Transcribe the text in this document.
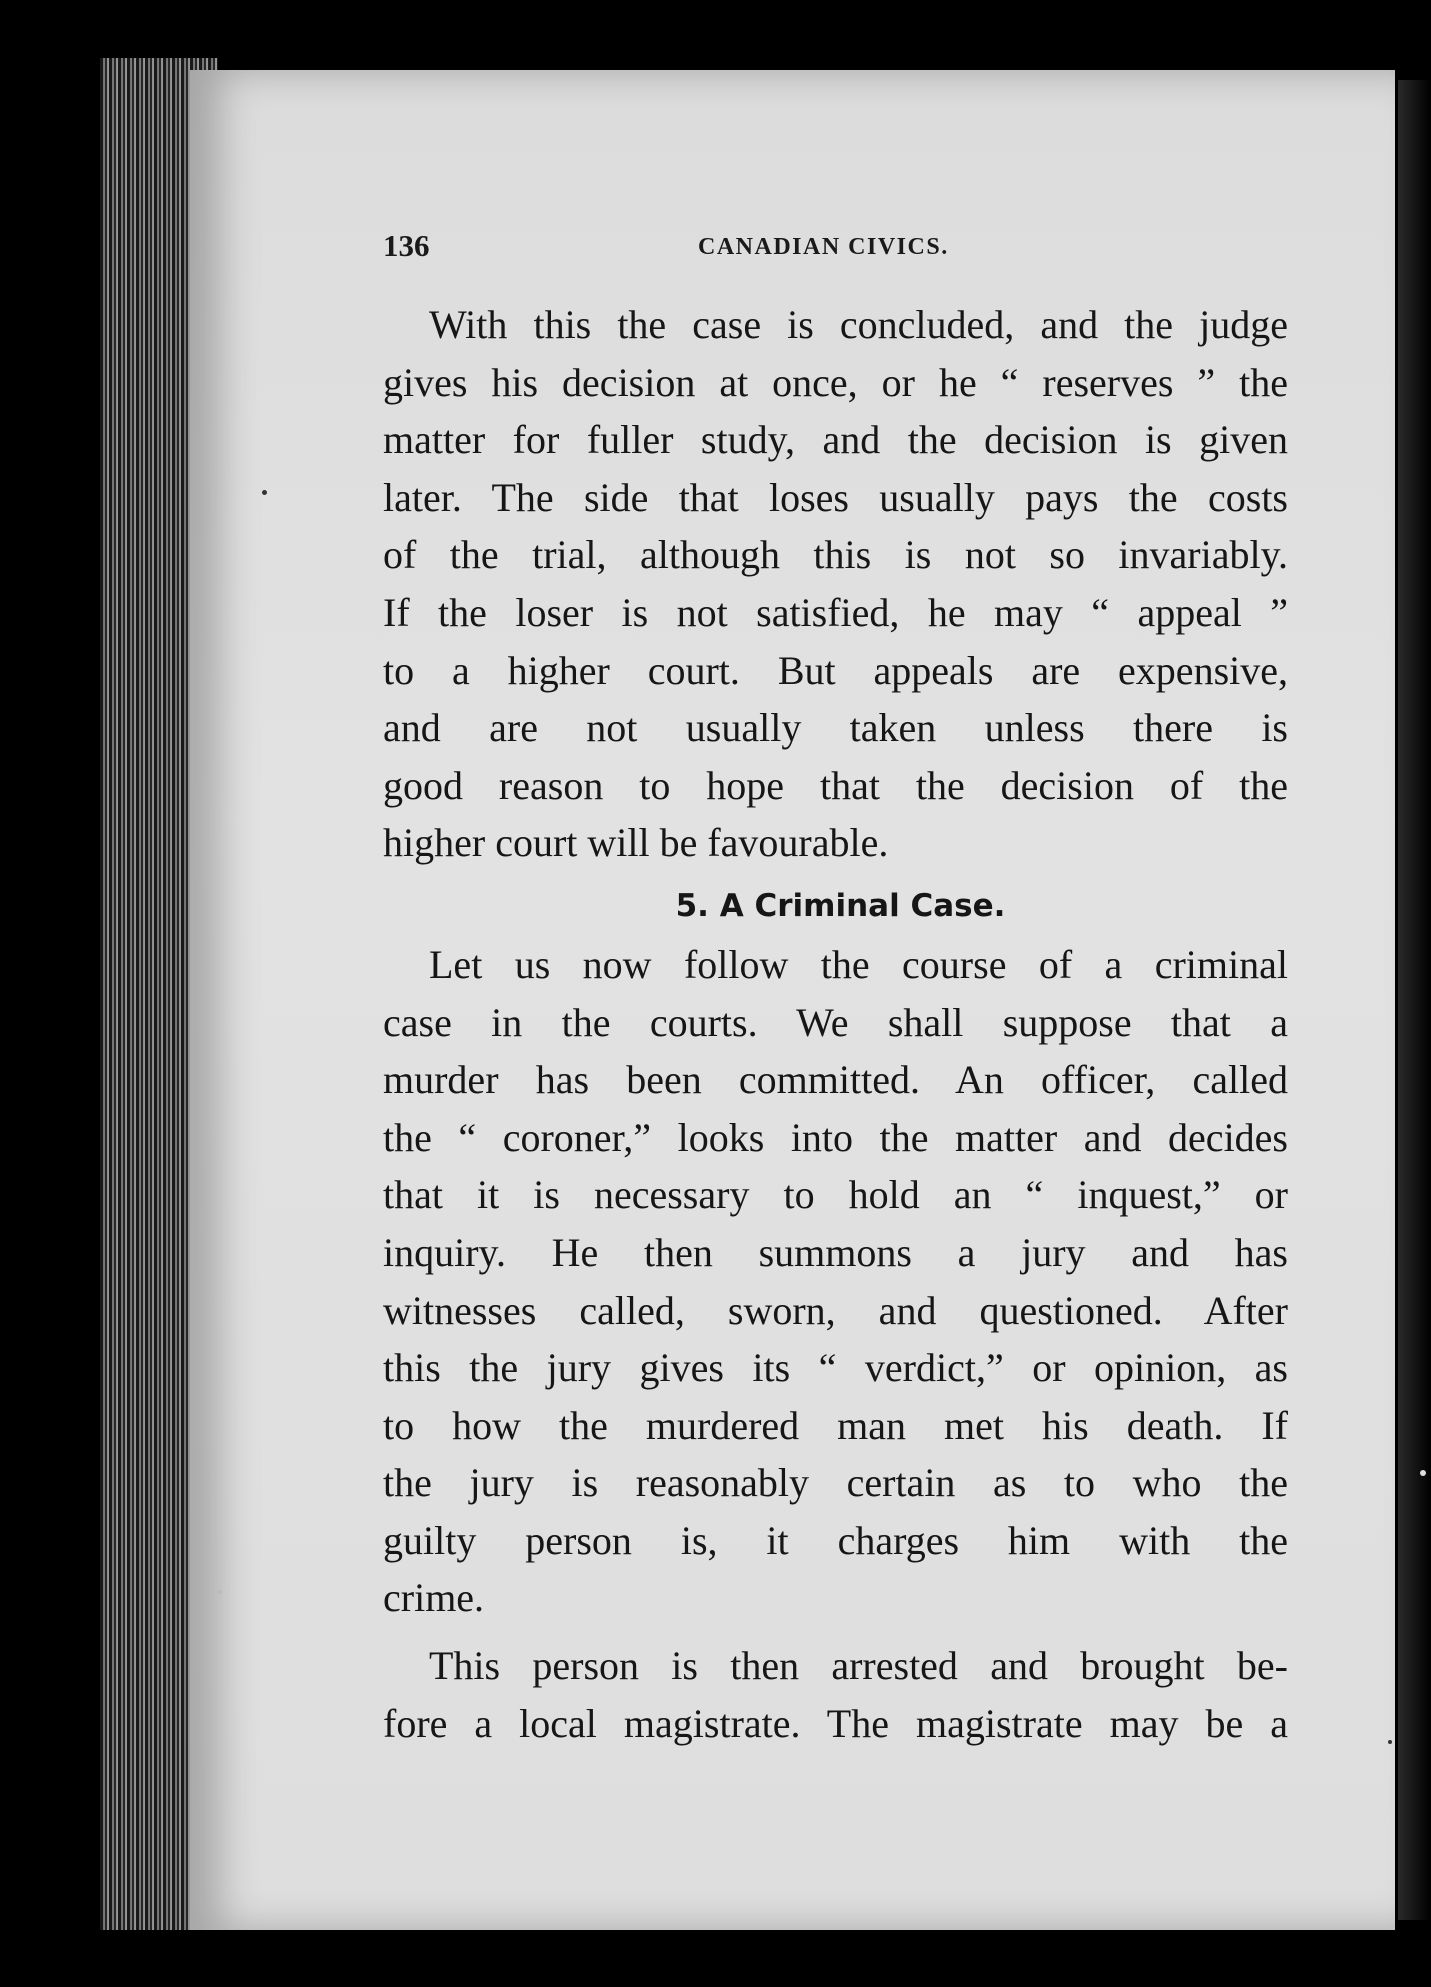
136	CANADIAN CIVICS.
With this the case is concluded, and the judge
gives his decision at once, or he “ reserves ” the
matter for fuller study, and the decision is given
later. The side that loses usually pays the costs
of the trial, although this is not so invariably.
If the loser is not satisfied, he may “ appeal ”
to a higher court. But appeals are expensive,
and are not usually taken unless there is
good reason to hope that the decision of the
higher court will be favourable.
5. A Criminal Case.
Let us now follow the course of a criminal
case in the courts. We shall suppose that a
murder has been committed. An officer, called
the “ coroner,” looks into the matter and decides
that it is necessary to hold an “ inquest,” or
inquiry. He then summons a jury and has
witnesses called, sworn, and questioned. After
this the jury gives its “ verdict,” or opinion, as
to how the murdered man met his death. If
the jury is reasonably certain as to who the
guilty person is, it charges him with the
crime.
This person is then arrested and brought be-
fore a local magistrate. The magistrate may be a
